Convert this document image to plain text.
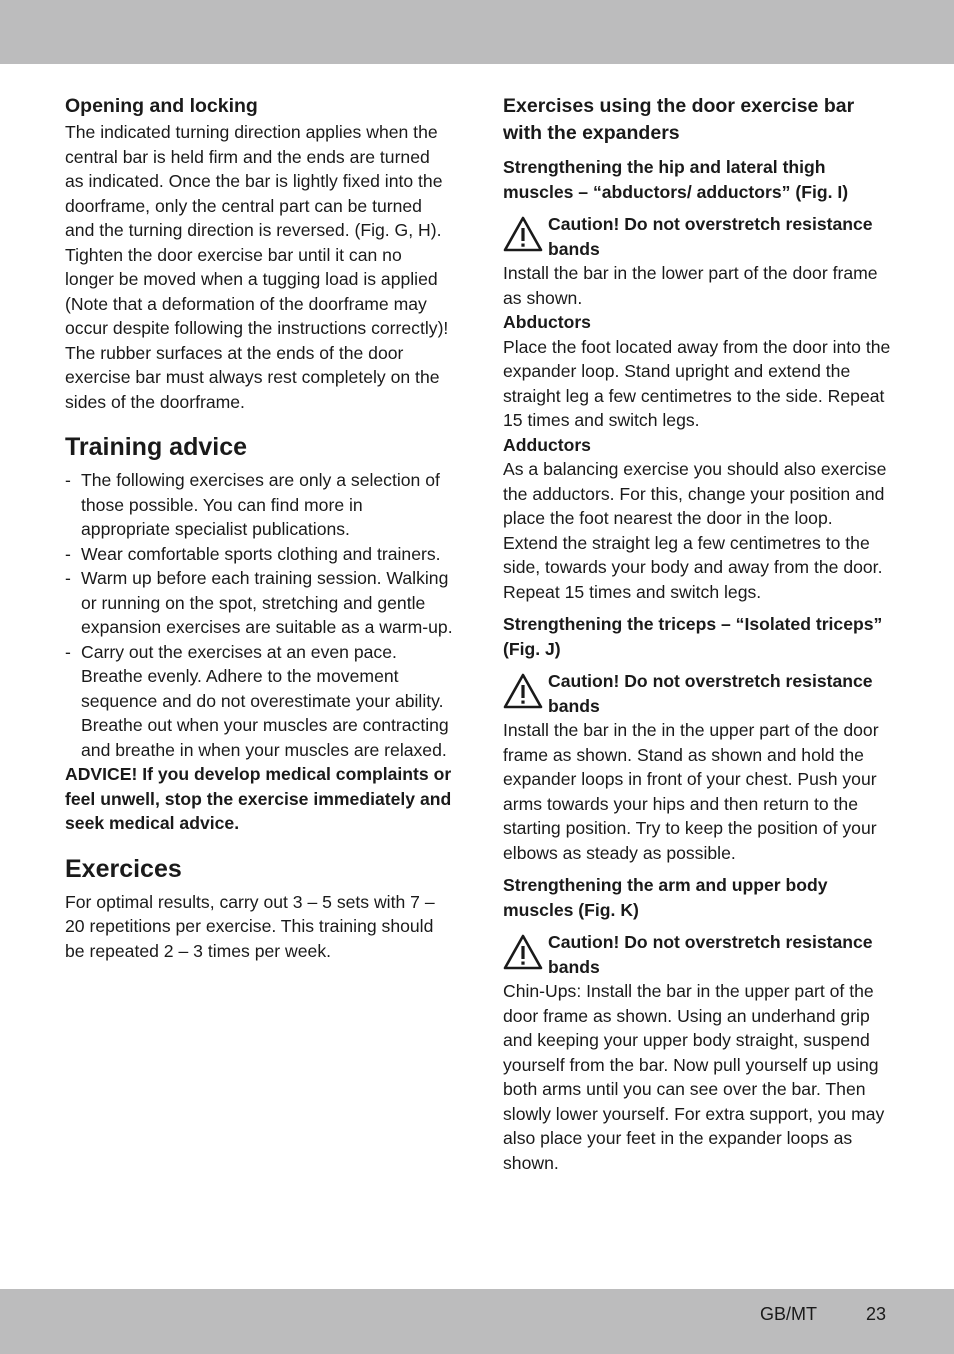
Opening and locking

The indicated turning direction applies when the central bar is held firm and the ends are turned as indicated. Once the bar is lightly fixed into the doorframe, only the central part can be turned and the turning direction is reversed. (Fig. G, H).

Tighten the door exercise bar until it can no longer be moved when a tugging load is applied (Note that a deformation of the doorframe may occur despite following the instructions correctly)!

The rubber surfaces at the ends of the door exercise bar must always rest completely on the sides of the doorframe.

Training advice
- The following exercises are only a selection of those possible. You can find more in appropriate specialist publications.
- Wear comfortable sports clothing and trainers.
- Warm up before each training session. Walking or running on the spot, stretching and gentle expansion exercises are suitable as a warm-up.
- Carry out the exercises at an even pace. Breathe evenly. Adhere to the movement sequence and do not overestimate your ability. Breathe out when your muscles are contracting and breathe in when your muscles are relaxed.

ADVICE! If you develop medical complaints or feel unwell, stop the exercise immediately and seek medical advice.

Exercices

For optimal results, carry out 3 – 5 sets with 7 – 20 repetitions per exercise. This training should be repeated 2 – 3 times per week.

Exercises using the door exercise bar with the expanders
Strengthening the hip and lateral thigh muscles – “abductors/ adductors” (Fig. I)
Caution! Do not overstretch resistance bands

Install the bar in the lower part of the door frame as shown.

Abductors

Place the foot located away from the door into the expander loop. Stand upright and extend the straight leg a few centimetres to the side. Repeat 15 times and switch legs.

Adductors

As a balancing exercise you should also exercise the adductors. For this, change your position and place the foot nearest the door in the loop. Extend the straight leg a few centimetres to the side, towards your body and away from the door. Repeat 15 times and switch legs.

Strengthening the triceps – “Isolated triceps” (Fig. J)
Caution! Do not overstretch resistance bands

Install the bar in the in the upper part of the door frame as shown. Stand as shown and hold the expander loops in front of your chest. Push your arms towards your hips and then return to the starting position. Try to keep the position of your elbows as steady as possible.

Strengthening the arm and upper body muscles (Fig. K)
Caution! Do not overstretch resistance bands

Chin-Ups: Install the bar in the upper part of the door frame as shown. Using an underhand grip and keeping your upper body straight, suspend yourself from the bar. Now pull yourself up using both arms until you can see over the bar. Then slowly lower yourself. For extra support, you may also place your feet in the expander loops as shown.

GB/MT	23
